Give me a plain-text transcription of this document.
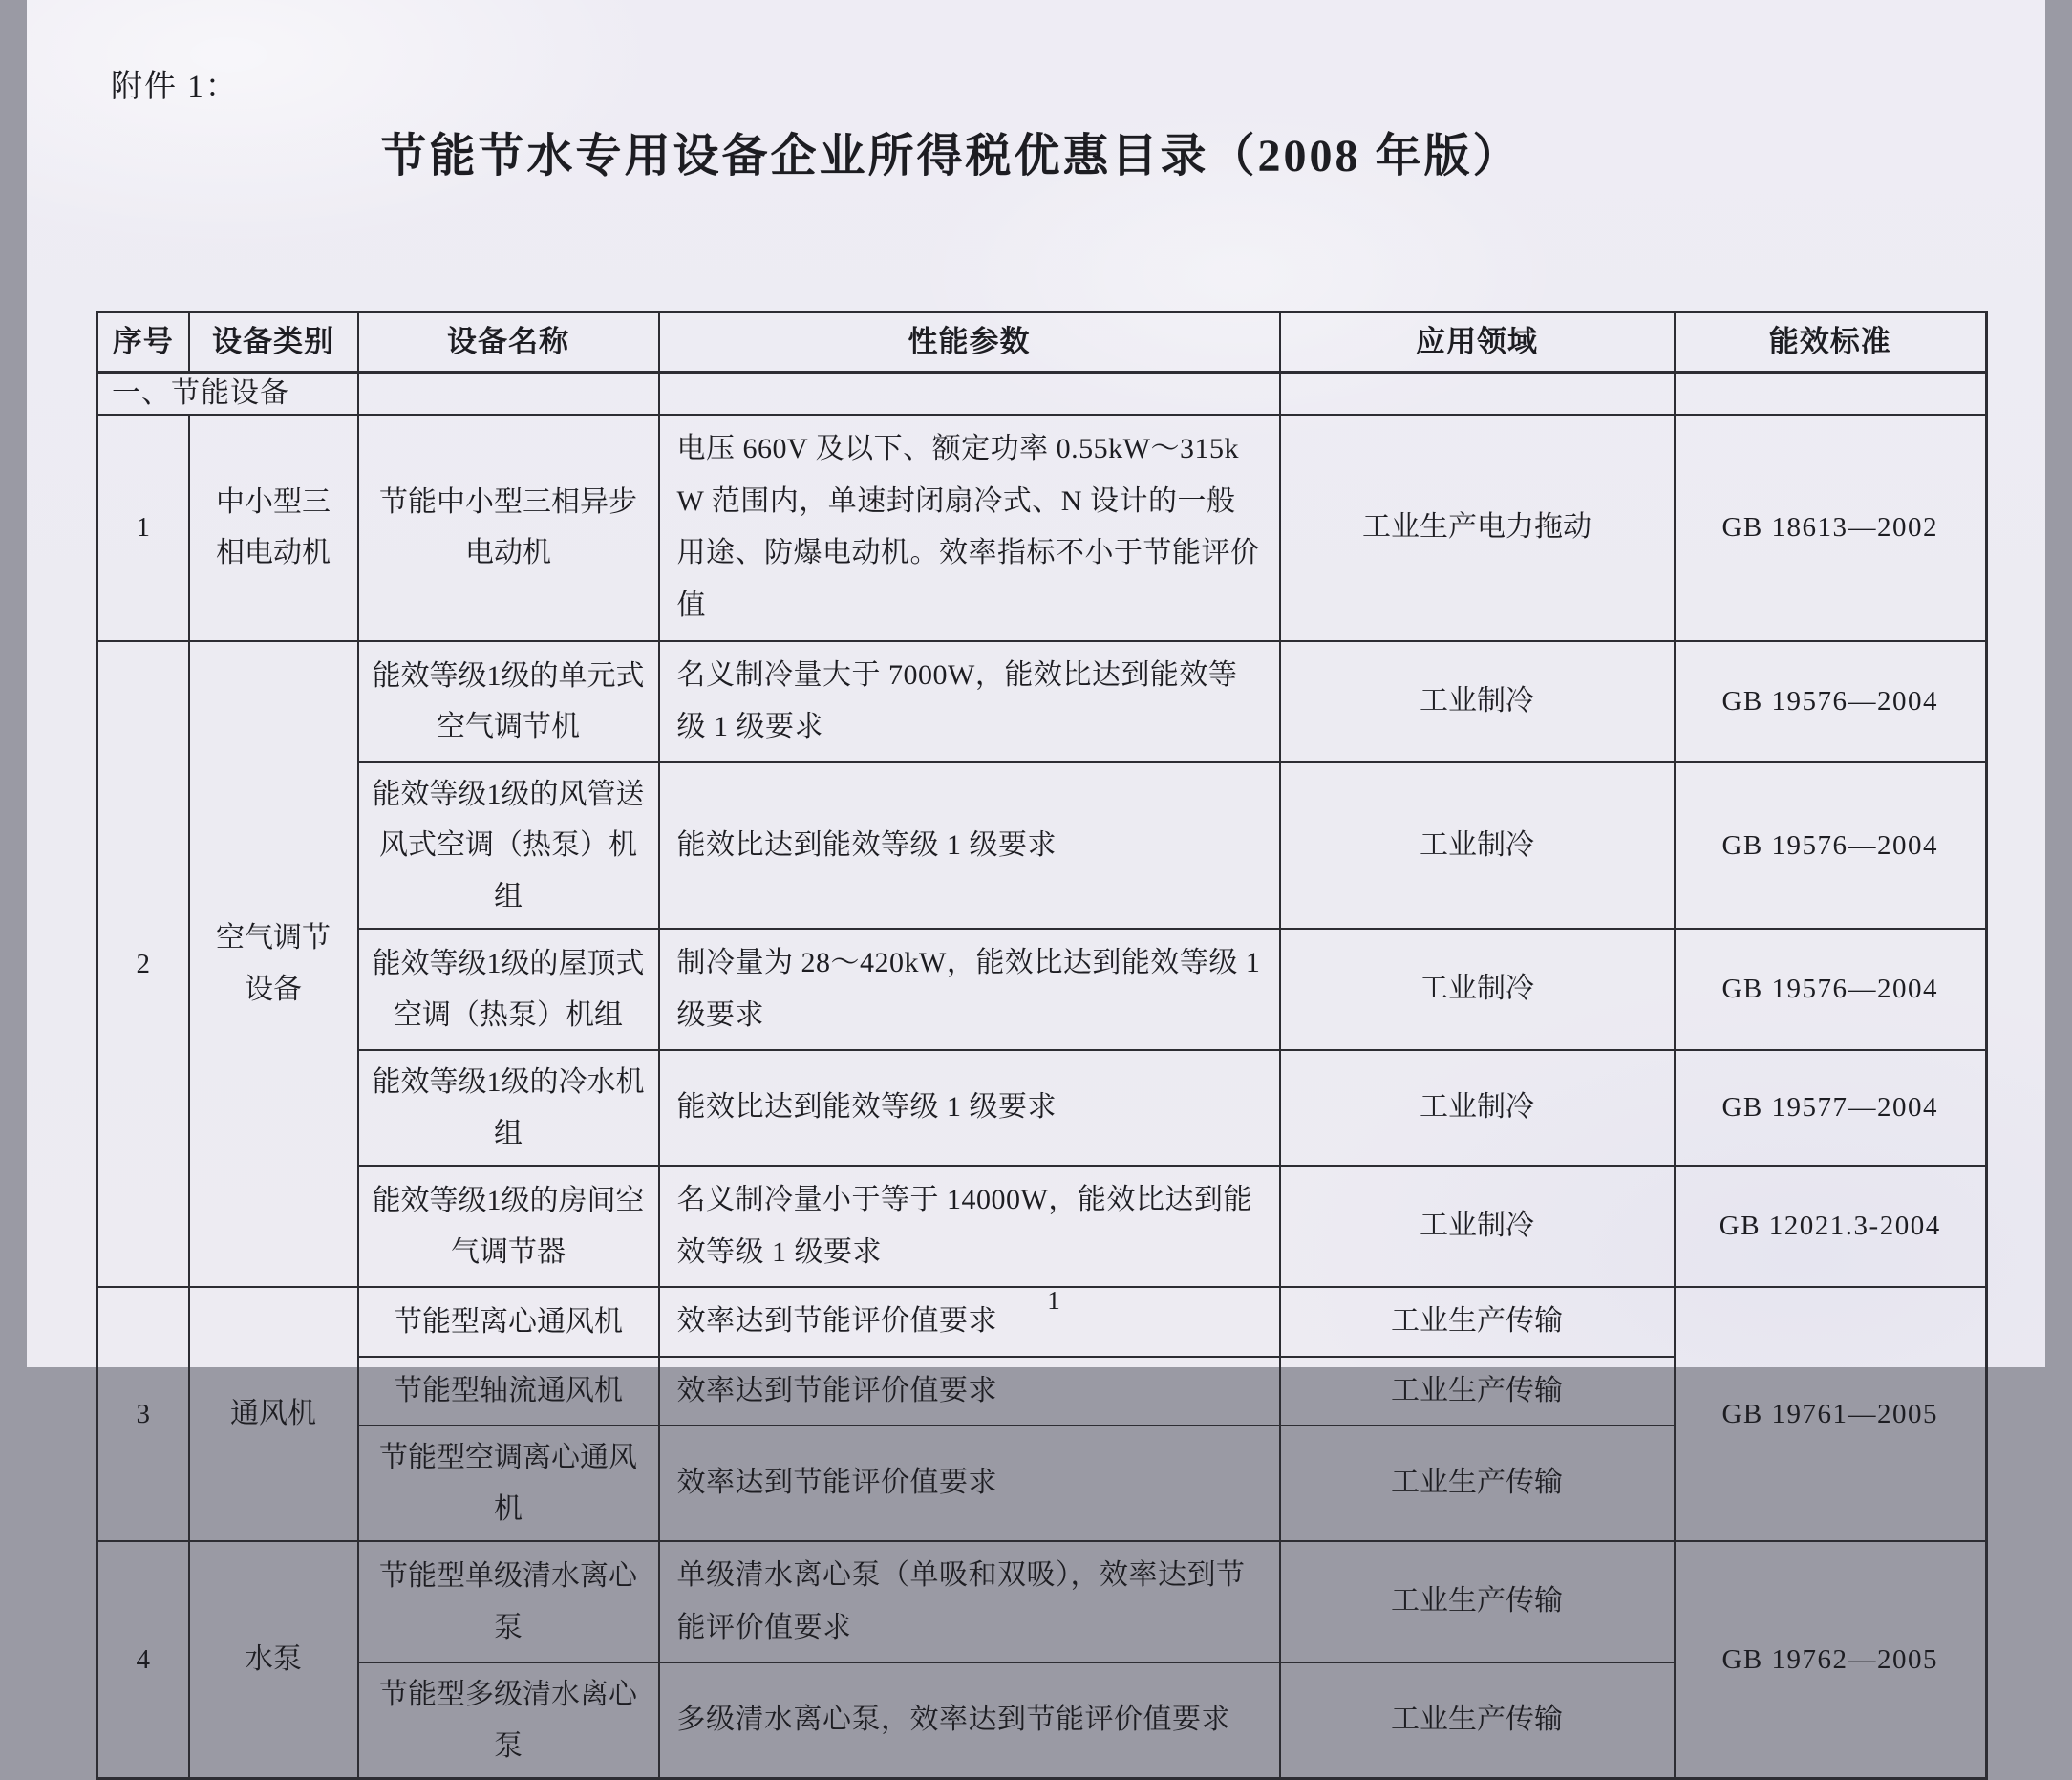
附件 1：
节能节水专用设备企业所得税优惠目录（2008 年版）
序号	设备类别	设备名称	性能参数	应用领域	能效标准
一、节能设备					
1	中小型三相电动机	节能中小型三相异步电动机	电压 660V 及以下、额定功率 0.55kW～315kW 范围内，单速封闭扇冷式、N 设计的一般用途、防爆电动机。效率指标不小于节能评价值	工业生产电力拖动	GB 18613—2002
2	空气调节设备	能效等级1级的单元式空气调节机	名义制冷量大于 7000W，能效比达到能效等级 1 级要求	工业制冷	GB 19576—2004
		能效等级1级的风管送风式空调（热泵）机组	能效比达到能效等级 1 级要求	工业制冷	GB 19576—2004
		能效等级1级的屋顶式空调（热泵）机组	制冷量为 28～420kW，能效比达到能效等级 1 级要求	工业制冷	GB 19576—2004
		能效等级1级的冷水机组	能效比达到能效等级 1 级要求	工业制冷	GB 19577—2004
		能效等级1级的房间空气调节器	名义制冷量小于等于 14000W，能效比达到能效等级 1 级要求	工业制冷	GB 12021.3-2004
3	通风机	节能型离心通风机	效率达到节能评价值要求	工业生产传输	GB 19761—2005
		节能型轴流通风机	效率达到节能评价值要求	工业生产传输	
		节能型空调离心通风机	效率达到节能评价值要求	工业生产传输	
4	水泵	节能型单级清水离心泵	单级清水离心泵（单吸和双吸），效率达到节能评价值要求	工业生产传输	GB 19762—2005
		节能型多级清水离心泵	多级清水离心泵，效率达到节能评价值要求	工业生产传输	
1
